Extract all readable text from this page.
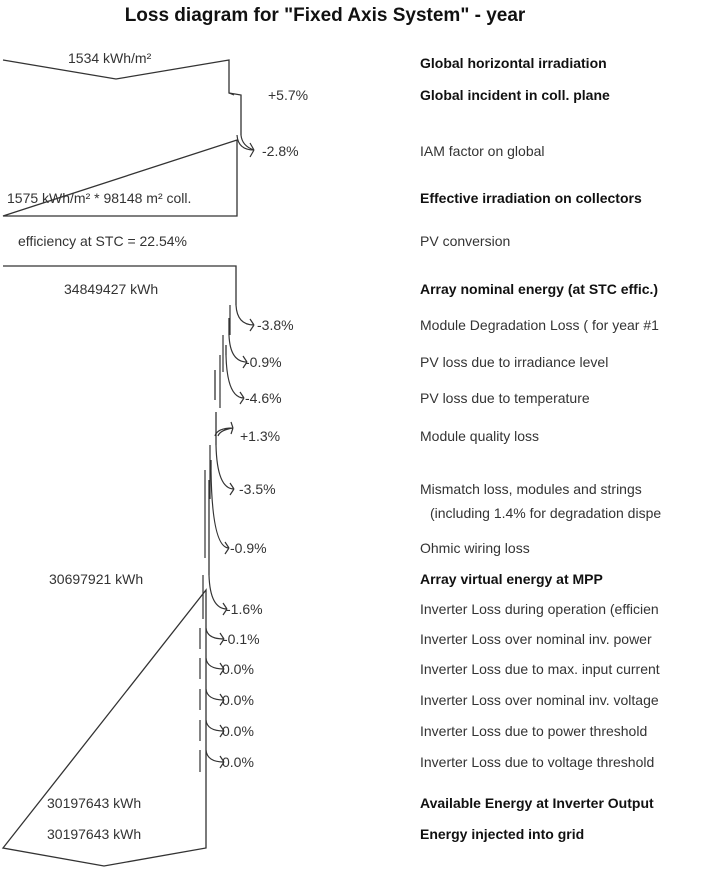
Loss diagram for "Fixed Axis System" - year
1534 kWh/m²
1575 kWh/m² * 98148 m² coll.
efficiency at STC = 22.54%
34849427 kWh
30697921 kWh
30197643 kWh
30197643 kWh
+5.7%
-2.8%
-3.8%
-0.9%
-4.6%
+1.3%
-3.5%
-0.9%
-1.6%
-0.1%
0.0%
0.0%
0.0%
0.0%
Global horizontal irradiation
Global incident in coll. plane
IAM factor on global
Effective irradiation on collectors
PV conversion
Array nominal energy (at STC effic.)
Module Degradation Loss ( for year #1
PV loss due to irradiance level
PV loss due to temperature
Module quality loss
Mismatch loss, modules and strings
(including 1.4% for degradation dispe
Ohmic wiring loss
Array virtual energy at MPP
Inverter Loss during operation (efficien
Inverter Loss over nominal inv. power
Inverter Loss due to max. input current
Inverter Loss over nominal inv. voltage
Inverter Loss due to power threshold
Inverter Loss due to voltage threshold
Available Energy at Inverter Output
Energy injected into grid
